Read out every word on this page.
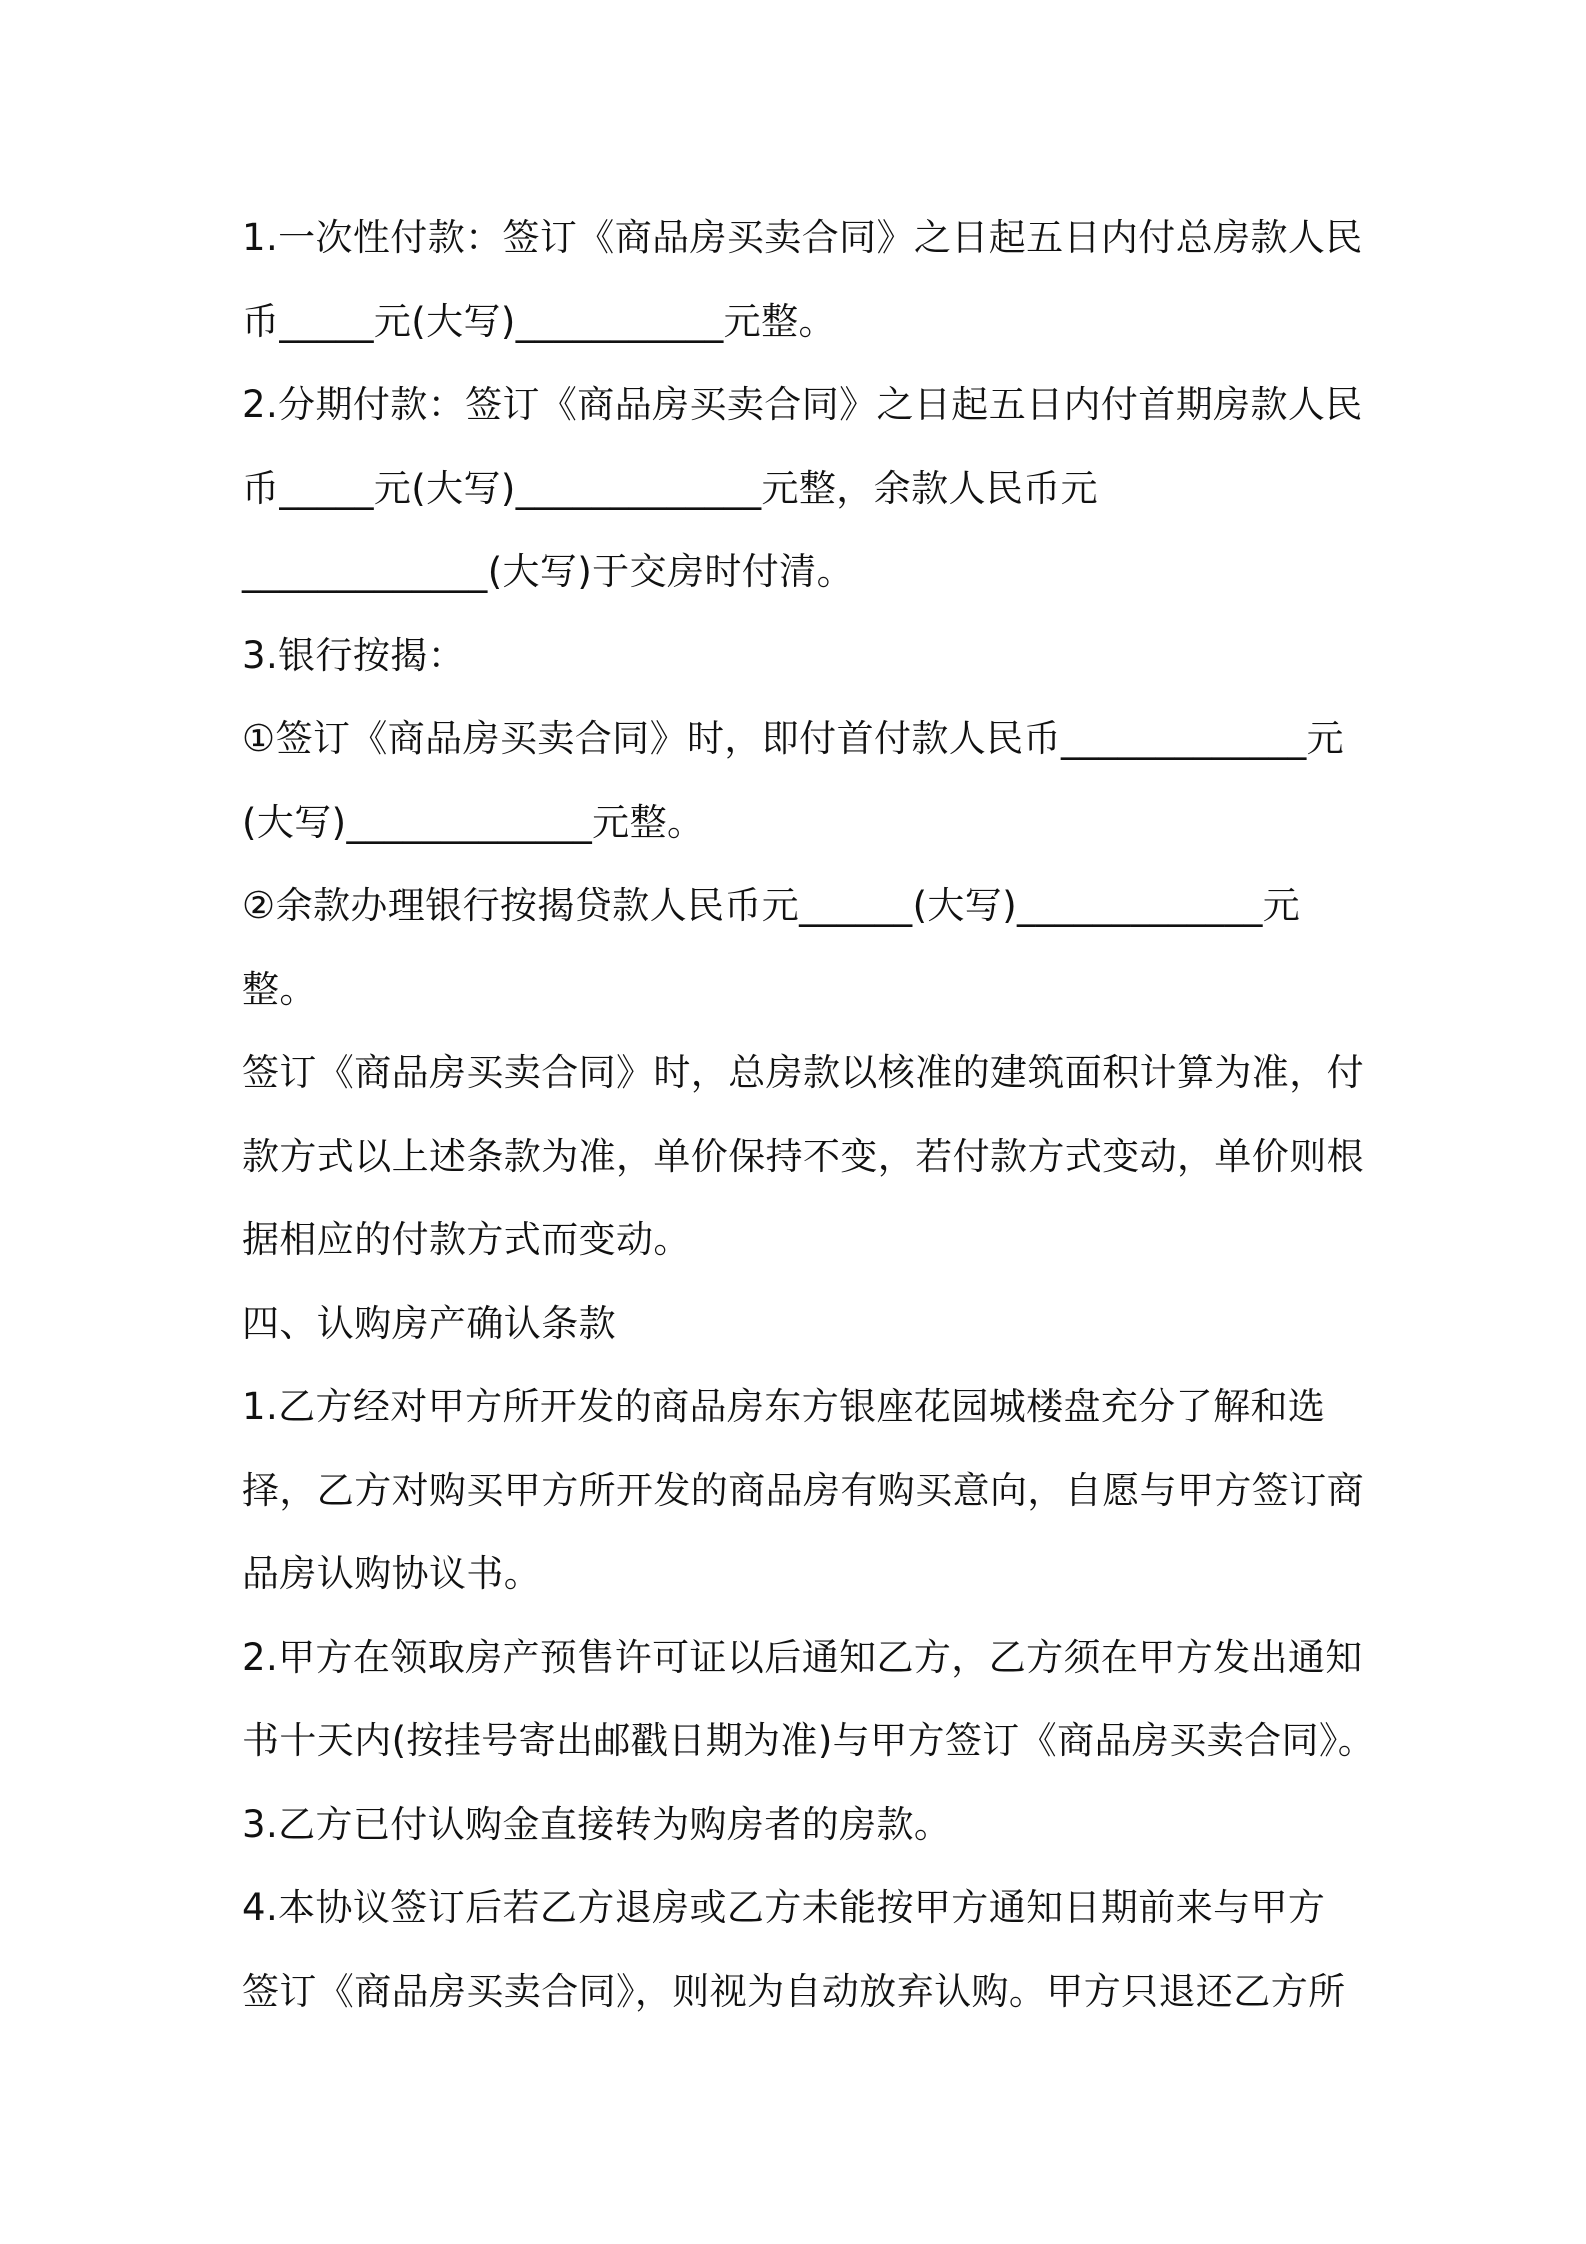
1.一次性付款：签订《商品房买卖合同》之日起五日内付总房款人民
币_____元(大写)___________元整。
2.分期付款：签订《商品房买卖合同》之日起五日内付首期房款人民
币_____元(大写)_____________元整，余款人民币元
_____________(大写)于交房时付清。
3.银行按揭：
①签订《商品房买卖合同》时，即付首付款人民币_____________元
(大写)_____________元整。
②余款办理银行按揭贷款人民币元______(大写)_____________元
整。
签订《商品房买卖合同》时，总房款以核准的建筑面积计算为准，付
款方式以上述条款为准，单价保持不变，若付款方式变动，单价则根
据相应的付款方式而变动。
四、认购房产确认条款
1.乙方经对甲方所开发的商品房东方银座花园城楼盘充分了解和选
择，乙方对购买甲方所开发的商品房有购买意向，自愿与甲方签订商
品房认购协议书。
2.甲方在领取房产预售许可证以后通知乙方，乙方须在甲方发出通知
书十天内(按挂号寄出邮戳日期为准)与甲方签订《商品房买卖合同》。
3.乙方已付认购金直接转为购房者的房款。
4.本协议签订后若乙方退房或乙方未能按甲方通知日期前来与甲方
签订《商品房买卖合同》，则视为自动放弃认购。甲方只退还乙方所
